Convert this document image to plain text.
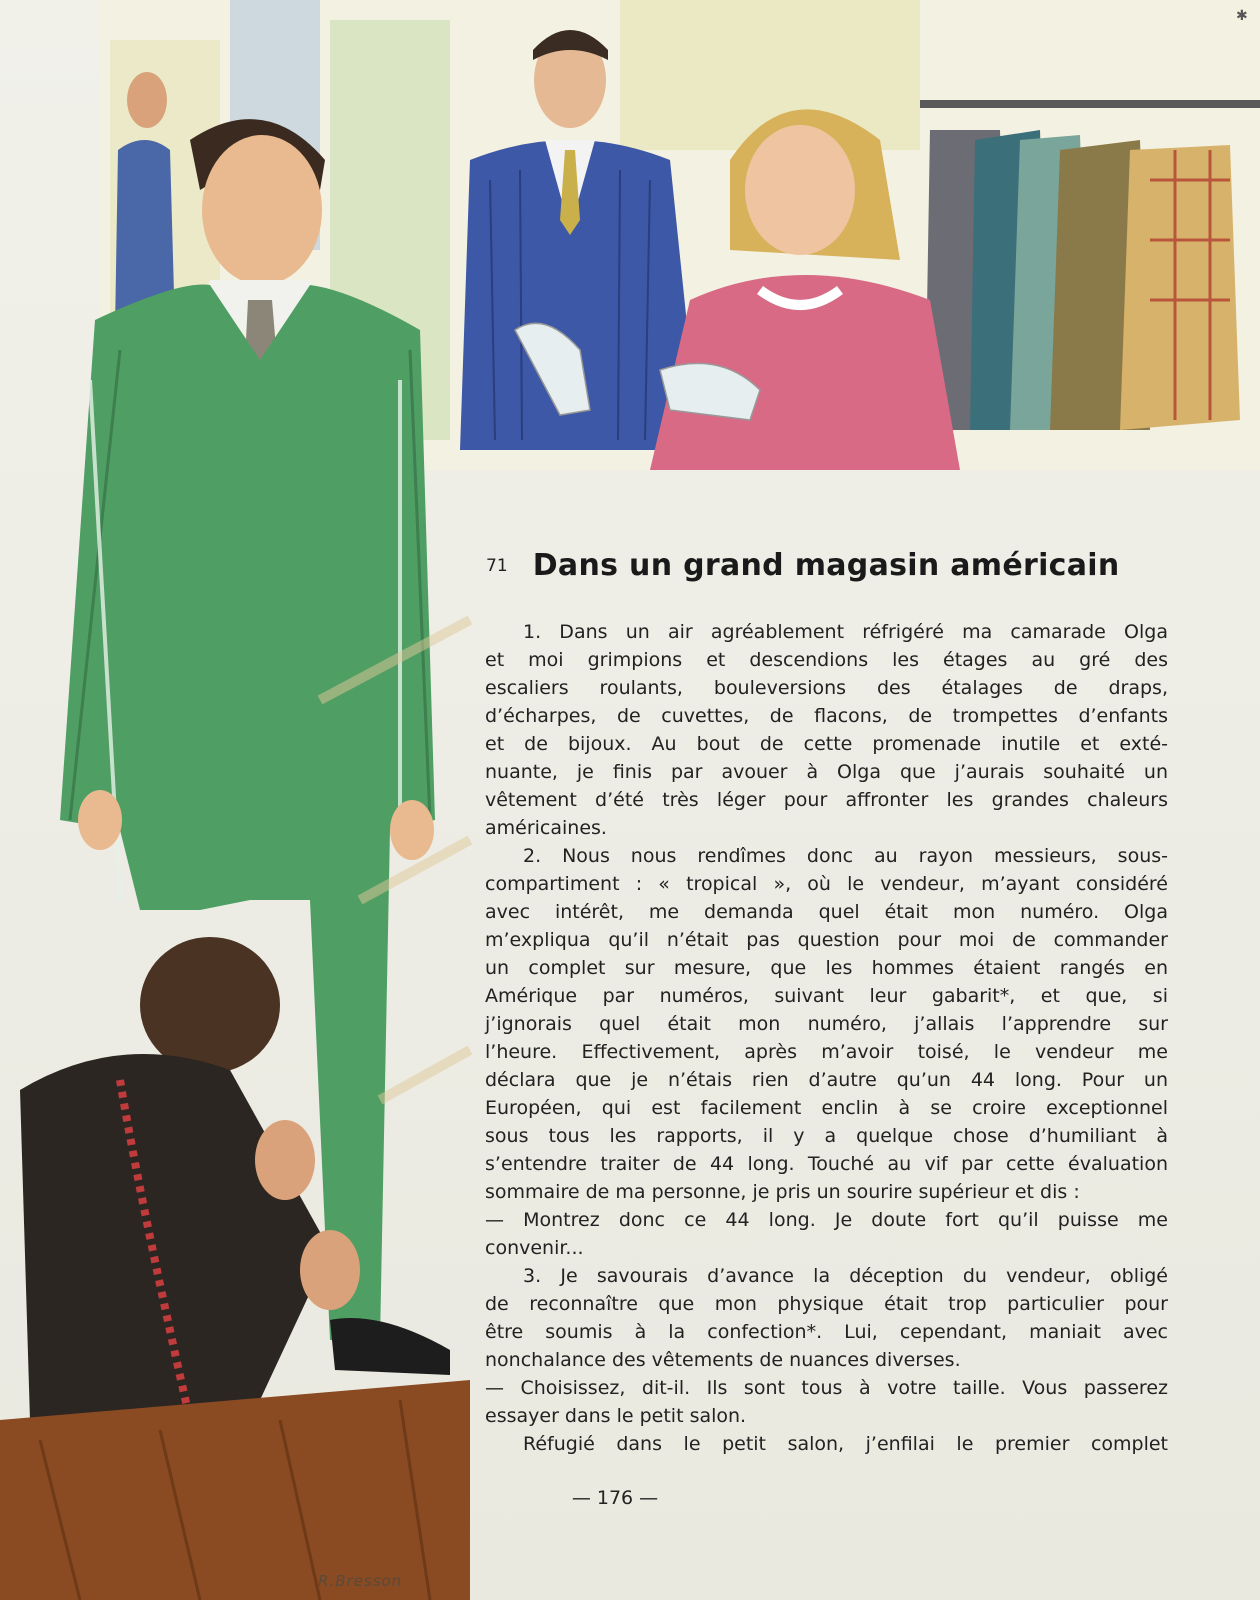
R.Bresson
✱
71 Dans un grand magasin américain
1. Dans un air agréablement réfrigéré ma camarade Olga
et moi grimpions et descendions les étages au gré des
escaliers roulants, bouleversions des étalages de draps,
d’écharpes, de cuvettes, de flacons, de trompettes d’enfants
et de bijoux. Au bout de cette promenade inutile et exté-
nuante, je finis par avouer à Olga que j’aurais souhaité un
vêtement d’été très léger pour affronter les grandes chaleurs
américaines.
2. Nous nous rendîmes donc au rayon messieurs, sous-
compartiment : « tropical », où le vendeur, m’ayant considéré
avec intérêt, me demanda quel était mon numéro. Olga
m’expliqua qu’il n’était pas question pour moi de commander
un complet sur mesure, que les hommes étaient rangés en
Amérique par numéros, suivant leur gabarit*, et que, si
j’ignorais quel était mon numéro, j’allais l’apprendre sur
l’heure. Effectivement, après m’avoir toisé, le vendeur me
déclara que je n’étais rien d’autre qu’un 44 long. Pour un
Européen, qui est facilement enclin à se croire exceptionnel
sous tous les rapports, il y a quelque chose d’humiliant à
s’entendre traiter de 44 long. Touché au vif par cette évaluation
sommaire de ma personne, je pris un sourire supérieur et dis :
— Montrez donc ce 44 long. Je doute fort qu’il puisse me
convenir...
3. Je savourais d’avance la déception du vendeur, obligé
de reconnaître que mon physique était trop particulier pour
être soumis à la confection*. Lui, cependant, maniait avec
nonchalance des vêtements de nuances diverses.
— Choisissez, dit-il. Ils sont tous à votre taille. Vous passerez
essayer dans le petit salon.
Réfugié dans le petit salon, j’enfilai le premier complet
— 176 —
